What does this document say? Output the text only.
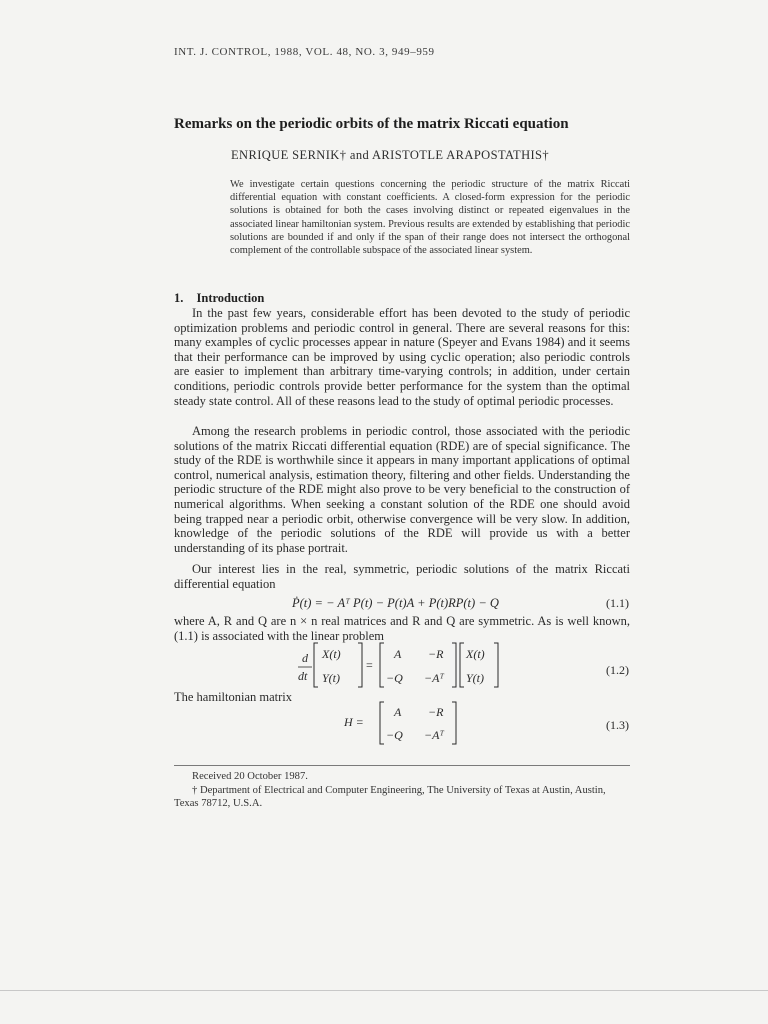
INT. J. CONTROL, 1988, VOL. 48, NO. 3, 949–959
Remarks on the periodic orbits of the matrix Riccati equation
ENRIQUE SERNIK† and ARISTOTLE ARAPOSTATHIS†
We investigate certain questions concerning the periodic structure of the matrix Riccati differential equation with constant coefficients. A closed-form expression for the periodic solutions is obtained for both the cases involving distinct or repeated eigenvalues in the associated linear hamiltonian system. Previous results are extended by establishing that periodic solutions are bounded if and only if the span of their range does not intersect the orthogonal complement of the controllable subspace of the associated linear system.
1. Introduction

In the past few years, considerable effort has been devoted to the study of periodic optimization problems and periodic control in general. There are several reasons for this: many examples of cyclic processes appear in nature (Speyer and Evans 1984) and it seems that their performance can be improved by using cyclic operation; also periodic controls are easier to implement than arbitrary time-varying controls; in addition, under certain conditions, periodic controls provide better performance for the system than the optimal steady state control. All of these reasons lead to the study of optimal periodic processes.

Among the research problems in periodic control, those associated with the periodic solutions of the matrix Riccati differential equation (RDE) are of special significance. The study of the RDE is worthwhile since it appears in many important applications of optimal control, numerical analysis, estimation theory, filtering and other fields. Understanding the periodic structure of the RDE might also prove to be very beneficial to the construction of numerical algorithms. When seeking a constant solution of the RDE one should avoid being trapped near a periodic orbit, otherwise convergence will be very slow. In addition, knowledge of the periodic solutions of the RDE will provide us with a better understanding of its phase portrait.

Our interest lies in the real, symmetric, periodic solutions of the matrix Riccati differential equation

Ṗ(t) = − Aᵀ P(t) − P(t)A + P(t)RP(t) − Q	(1.1)

where A, R and Q are n × n real matrices and R and Q are symmetric. As is well known, (1.1) is associated with the linear problem

d
dt
X(t)
Y(t)
=
A −R
−Q −Aᵀ
X(t)
Y(t)
H =
A −R
−Q −Aᵀ
(1.2)
The hamiltonian matrix
(1.3)
Received 20 October 1987.
† Department of Electrical and Computer Engineering, The University of Texas at Austin, Austin, Texas 78712, U.S.A.
